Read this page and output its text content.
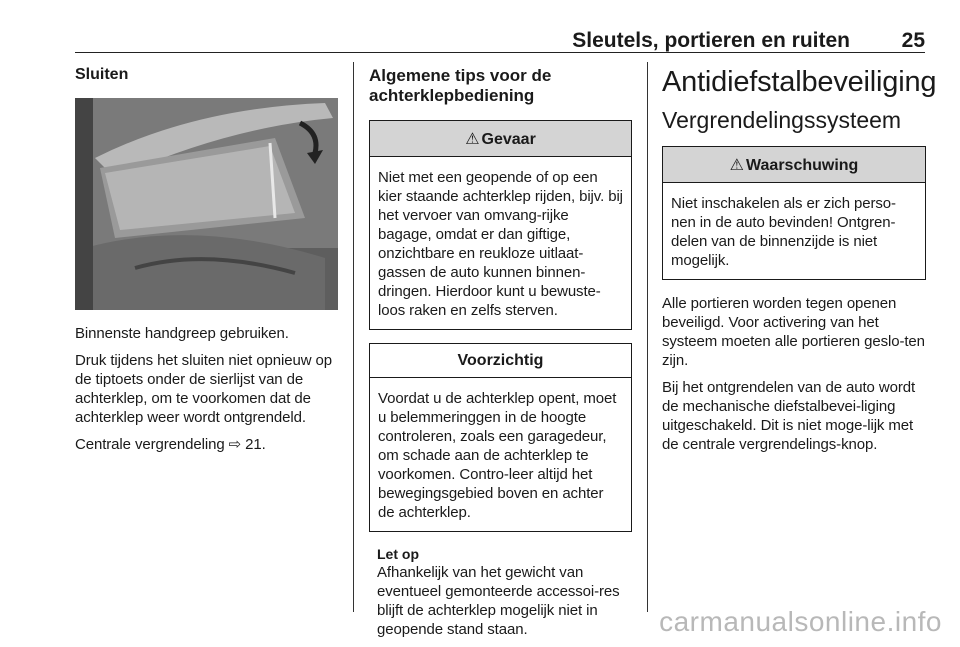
Sleutels, portieren en ruiten 25
Sluiten

Binnenste handgreep gebruiken.

Druk tijdens het sluiten niet opnieuw op de tiptoets onder de sierlijst van de achterklep, om te voorkomen dat de achterklep weer wordt ontgrendeld.

Centrale vergrendeling ⇨ 21.

Algemene tips voor de achterklepbediening
⚠ Gevaar

Niet met een geopende of op een kier staande achterklep rijden, bijv. bij het vervoer van omvang-rijke bagage, omdat er dan giftige, onzichtbare en reukloze uitlaat-gassen de auto kunnen binnen-dringen. Hierdoor kunt u bewuste-loos raken en zelfs sterven.

Voorzichtig

Voordat u de achterklep opent, moet u belemmeringgen in de hoogte controleren, zoals een garagedeur, om schade aan de achterklep te voorkomen. Contro-leer altijd het bewegingsgebied boven en achter de achterklep.

Let op

Afhankelijk van het gewicht van eventueel gemonteerde accessoi-res blijft de achterklep mogelijk niet in geopende stand staan.

Antidiefstalbeveiliging
Vergrendelingssysteem
⚠ Waarschuwing

Niet inschakelen als er zich perso-nen in de auto bevinden! Ontgren-delen van de binnenzijde is niet mogelijk.

Alle portieren worden tegen openen beveiligd. Voor activering van het systeem moeten alle portieren geslo-ten zijn.

Bij het ontgrendelen van de auto wordt de mechanische diefstalbevei-liging uitgeschakeld. Dit is niet moge-lijk met de centrale vergrendelings-knop.

carmanualsonline.info
